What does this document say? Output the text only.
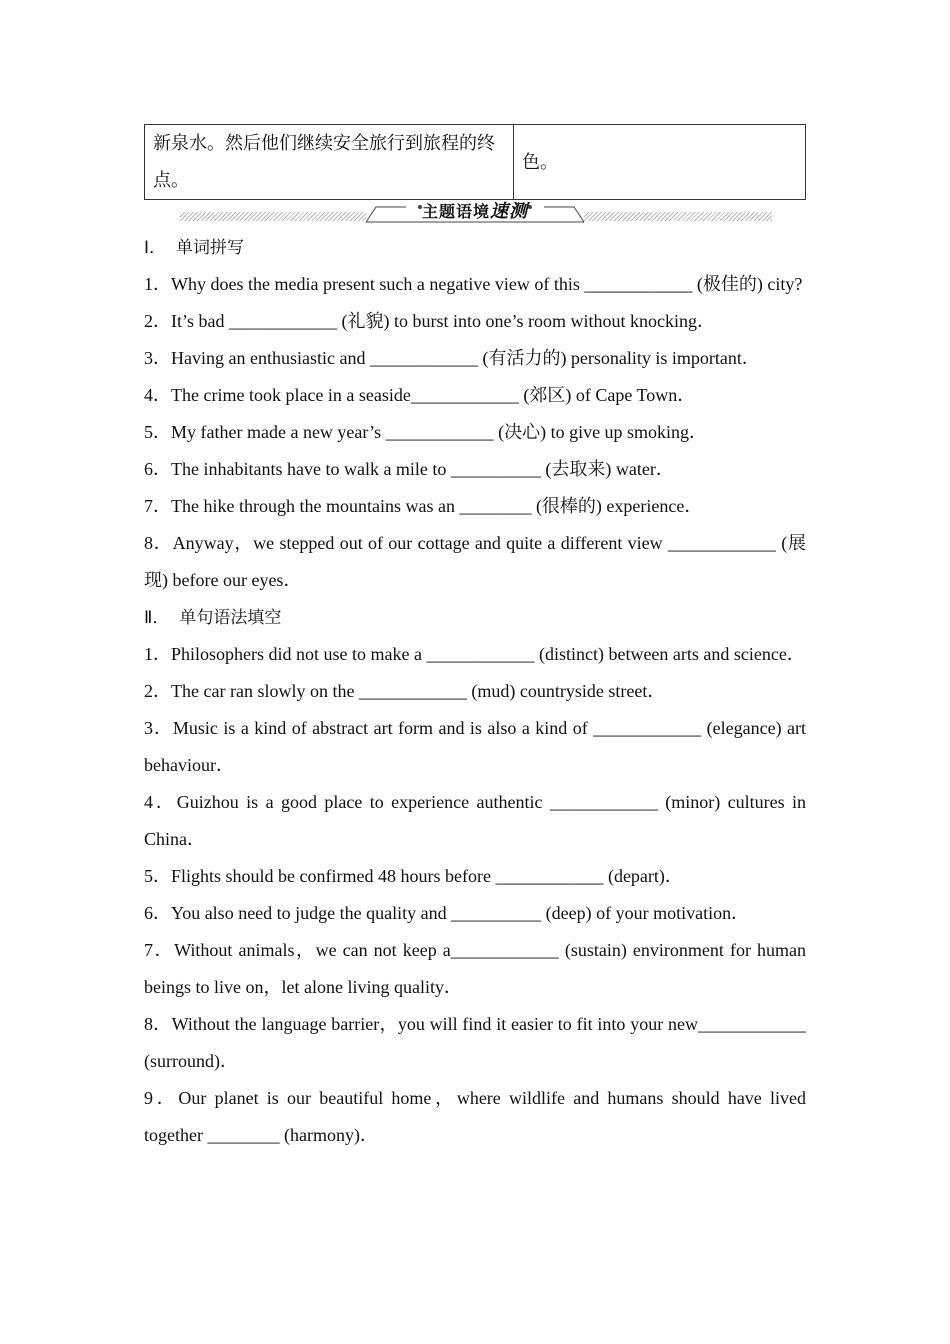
新泉水。然后他们继续安全旅行到旅程的终点。	色。
主题语境速测
Ⅰ． 单词拼写
1．Why does the media present such a negative view of this ____________ (极佳的) city?
2．It’s bad ____________ (礼貌) to burst into one’s room without knocking．
3．Having an enthusiastic and ____________ (有活力的) personality is important．
4．The crime took place in a seaside____________ (郊区) of Cape Town．
5．My father made a new year’s ____________ (决心) to give up smoking．
6．The inhabitants have to walk a mile to __________ (去取来) water．
7．The hike through the mountains was an ________ (很棒的) experience．
8．Anyway，we stepped out of our cottage and quite a different view ____________ (展现) before our eyes．
Ⅱ． 单句语法填空
1．Philosophers did not use to make a ____________ (distinct) between arts and science．
2．The car ran slowly on the ____________ (mud) countryside street．
3．Music is a kind of abstract art form and is also a kind of ____________ (elegance) art behaviour．
4．Guizhou is a good place to experience authentic ____________ (minor) cultures in China．
5．Flights should be confirmed 48 hours before ____________ (depart)．
6．You also need to judge the quality and __________ (deep) of your motivation．
7．Without animals，we can not keep a____________ (sustain) environment for human beings to live on，let alone living quality．
8．Without the language barrier，you will find it easier to fit into your new____________ (surround)．
9．Our planet is our beautiful home，where wildlife and humans should have lived together ________ (harmony)．
